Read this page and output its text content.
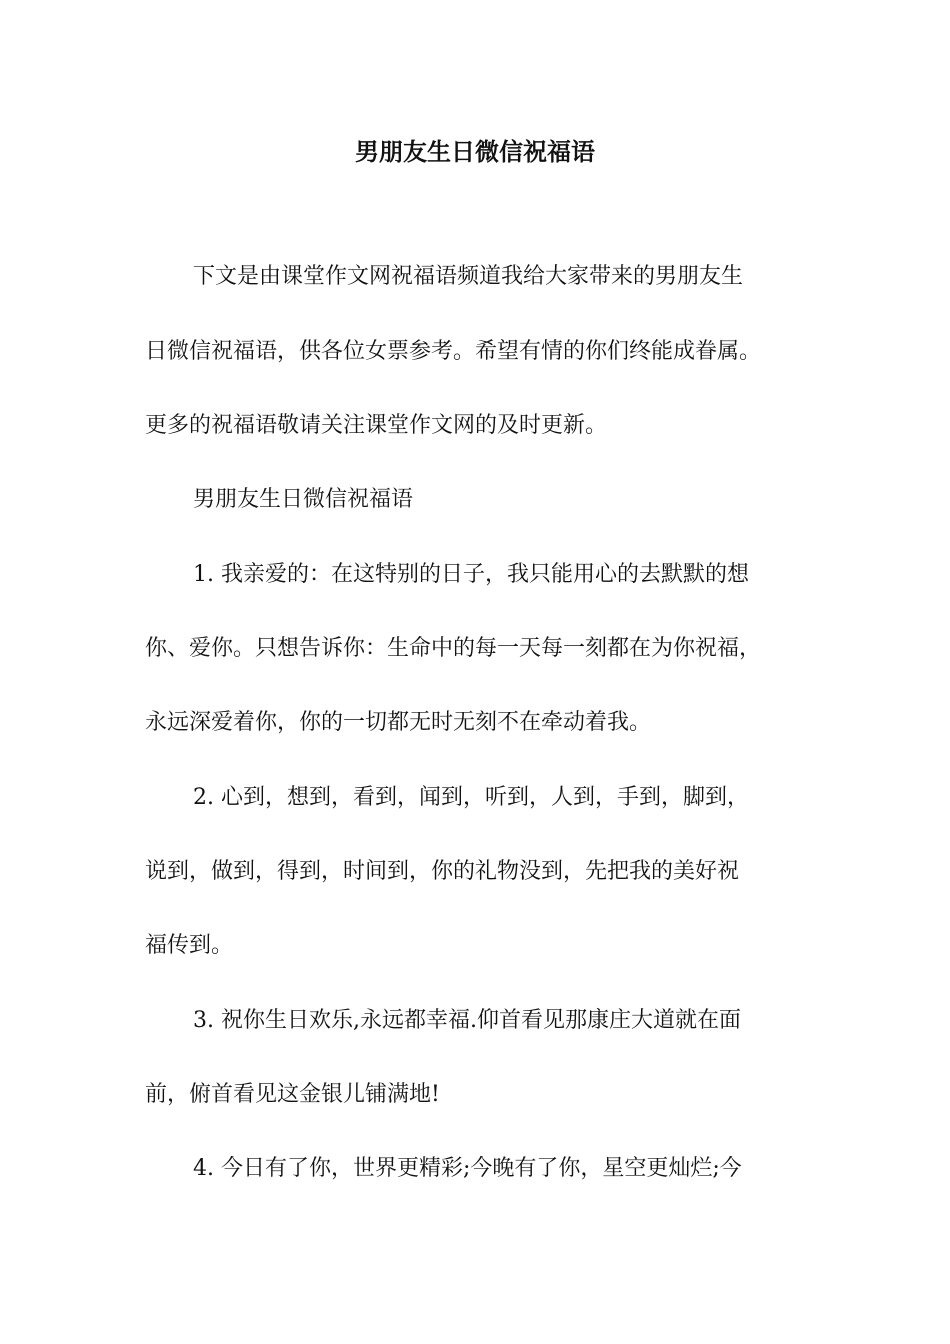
男朋友生日微信祝福语
下文是由课堂作文网祝福语频道我给大家带来的男朋友生
日微信祝福语，供各位女票参考。希望有情的你们终能成眷属。
更多的祝福语敬请关注课堂作文网的及时更新。
男朋友生日微信祝福语
1. 我亲爱的：在这特别的日子，我只能用心的去默默的想
你、爱你。只想告诉你：生命中的每一天每一刻都在为你祝福，
永远深爱着你，你的一切都无时无刻不在牵动着我。
2. 心到，想到，看到，闻到，听到，人到，手到，脚到，
说到，做到，得到，时间到，你的礼物没到，先把我的美好祝
福传到。
3. 祝你生日欢乐,永远都幸福.仰首看见那康庄大道就在面
前，俯首看见这金银儿铺满地!
4. 今日有了你，世界更精彩;今晚有了你，星空更灿烂;今
